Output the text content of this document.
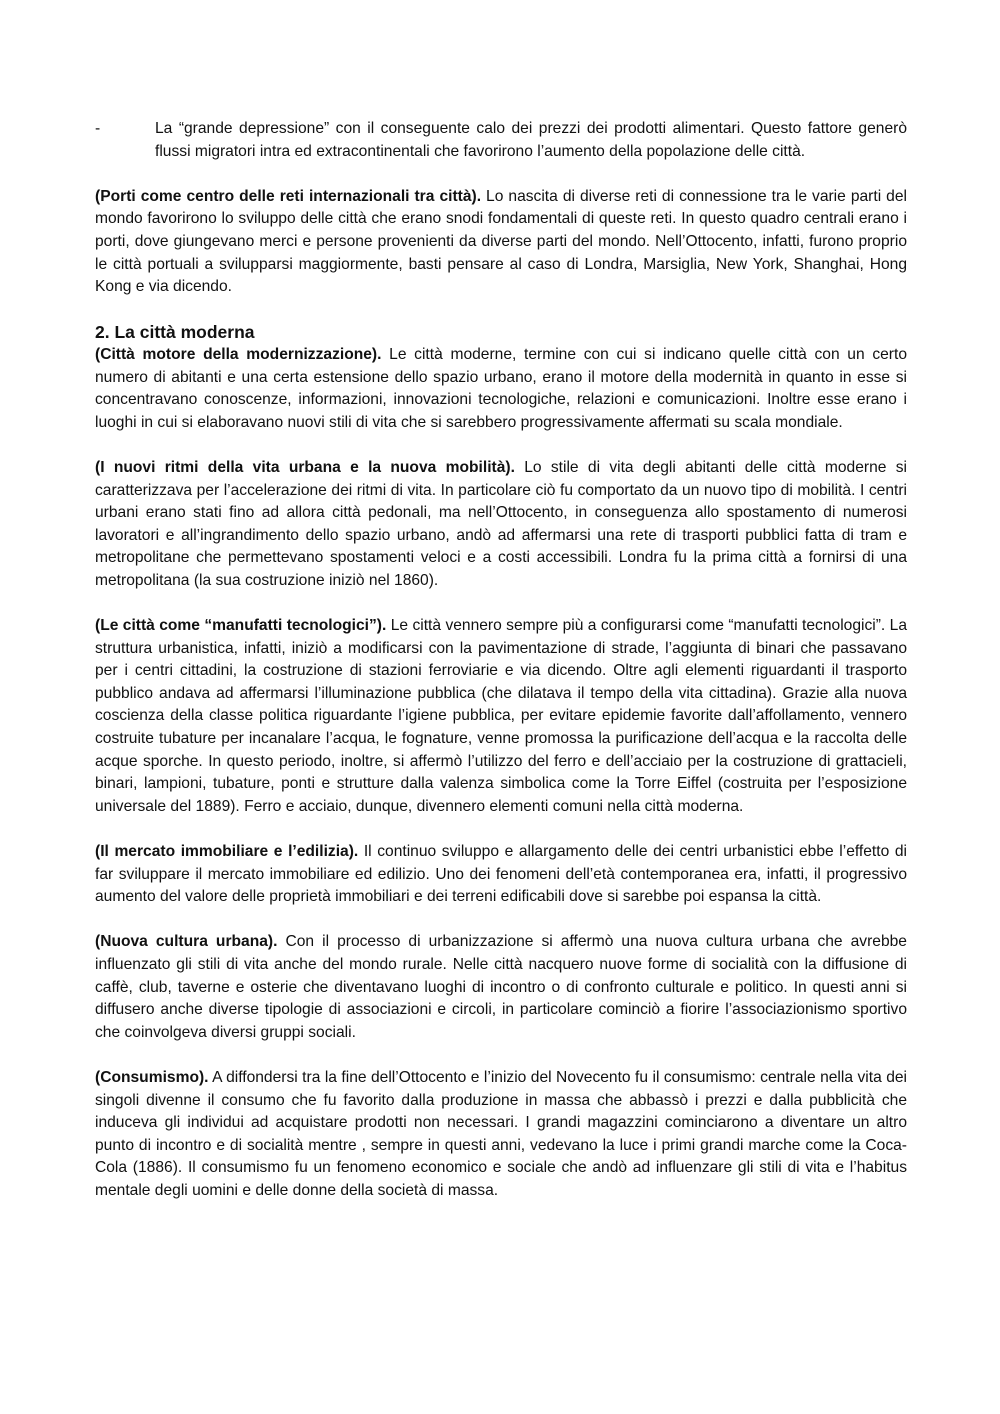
-	La “grande depressione” con il conseguente calo dei prezzi dei prodotti alimentari. Questo fattore generò flussi migratori intra ed extracontinentali che favorirono l’aumento della popolazione delle città.

(Porti come centro delle reti internazionali tra città). Lo nascita di diverse reti di connessione tra le varie parti del mondo favorirono lo sviluppo delle città che erano snodi fondamentali di queste reti. In questo quadro centrali erano i porti, dove giungevano merci e persone provenienti da diverse parti del mondo. Nell’Ottocento, infatti, furono proprio le città portuali a svilupparsi maggiormente, basti pensare al caso di Londra, Marsiglia, New York, Shanghai, Hong Kong e via dicendo.

2. La città moderna

(Città motore della modernizzazione). Le città moderne, termine con cui si indicano quelle città con un certo numero di abitanti e una certa estensione dello spazio urbano, erano il motore della modernità in quanto in esse si concentravano conoscenze, informazioni, innovazioni tecnologiche, relazioni e comunicazioni. Inoltre esse erano i luoghi in cui si elaboravano nuovi stili di vita che si sarebbero progressivamente affermati su scala mondiale.

(I nuovi ritmi della vita urbana e la nuova mobilità). Lo stile di vita degli abitanti delle città moderne si caratterizzava per l’accelerazione dei ritmi di vita. In particolare ciò fu comportato da un nuovo tipo di mobilità. I centri urbani erano stati fino ad allora città pedonali, ma nell’Ottocento, in conseguenza allo spostamento di numerosi lavoratori e all’ingrandimento dello spazio urbano, andò ad affermarsi una rete di trasporti pubblici fatta di tram e metropolitane che permettevano spostamenti veloci e a costi accessibili. Londra fu la prima città a fornirsi di una metropolitana (la sua costruzione iniziò nel 1860).

(Le città come “manufatti tecnologici”). Le città vennero sempre più a configurarsi come “manufatti tecnologici”. La struttura urbanistica, infatti, iniziò a modificarsi con la pavimentazione di strade, l’aggiunta di binari che passavano per i centri cittadini, la costruzione di stazioni ferroviarie e via dicendo. Oltre agli elementi riguardanti il trasporto pubblico andava ad affermarsi l’illuminazione pubblica (che dilatava il tempo della vita cittadina). Grazie alla nuova coscienza della classe politica riguardante l’igiene pubblica, per evitare epidemie favorite dall’affollamento, vennero costruite tubature per incanalare l’acqua, le fognature, venne promossa la purificazione dell’acqua e la raccolta delle acque sporche. In questo periodo, inoltre, si affermò l’utilizzo del ferro e dell’acciaio per la costruzione di grattacieli, binari, lampioni, tubature, ponti e strutture dalla valenza simbolica come la Torre Eiffel (costruita per l’esposizione universale del 1889). Ferro e acciaio, dunque, divennero elementi comuni nella città moderna.

(Il mercato immobiliare e l’edilizia). Il continuo sviluppo e allargamento delle dei centri urbanistici ebbe l’effetto di far sviluppare il mercato immobiliare ed edilizio. Uno dei fenomeni dell’età contemporanea era, infatti, il progressivo aumento del valore delle proprietà immobiliari e dei terreni edificabili dove si sarebbe poi espansa la città.

(Nuova cultura urbana). Con il processo di urbanizzazione si affermò una nuova cultura urbana che avrebbe influenzato gli stili di vita anche del mondo rurale. Nelle città nacquero nuove forme di socialità con la diffusione di caffè, club, taverne e osterie che diventavano luoghi di incontro o di confronto culturale e politico. In questi anni si diffusero anche diverse tipologie di associazioni e circoli, in particolare cominciò a fiorire l’associazionismo sportivo che coinvolgeva diversi gruppi sociali.

(Consumismo). A diffondersi tra la fine dell’Ottocento e l’inizio del Novecento fu il consumismo: centrale nella vita dei singoli divenne il consumo che fu favorito dalla produzione in massa che abbassò i prezzi e dalla pubblicità che induceva gli individui ad acquistare prodotti non necessari. I grandi magazzini cominciarono a diventare un altro punto di incontro e di socialità mentre , sempre in questi anni, vedevano la luce i primi grandi marche come la Coca-Cola (1886). Il consumismo fu un fenomeno economico e sociale che andò ad influenzare gli stili di vita e l’habitus mentale degli uomini e delle donne della società di massa.
